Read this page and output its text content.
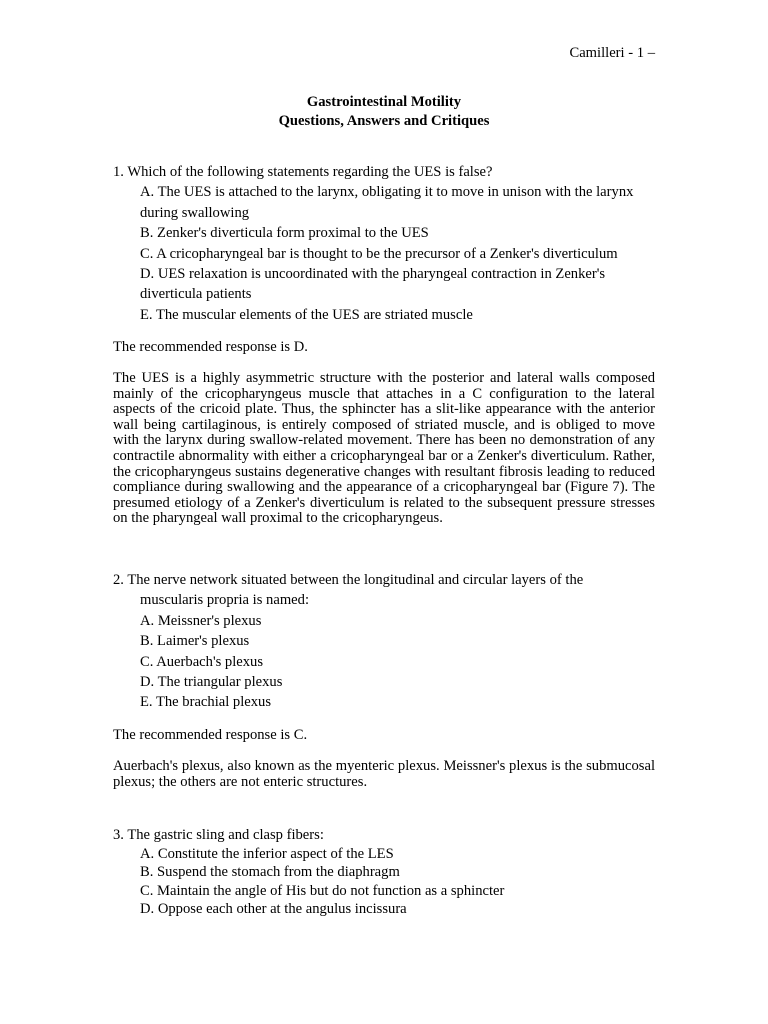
Camilleri - 1 –
Gastrointestinal Motility
Questions, Answers and Critiques

1. Which of the following statements regarding the UES is false?

A. The UES is attached to the larynx, obligating it to move in unison with the larynx during swallowing

B. Zenker's diverticula form proximal to the UES

C. A cricopharyngeal bar is thought to be the precursor of a Zenker's diverticulum

D. UES relaxation is uncoordinated with the pharyngeal contraction in Zenker's diverticula patients

E. The muscular elements of the UES are striated muscle

The recommended response is D.

The UES is a highly asymmetric structure with the posterior and lateral walls composed mainly of the cricopharyngeus muscle that attaches in a C configuration to the lateral aspects of the cricoid plate. Thus, the sphincter has a slit-like appearance with the anterior wall being cartilaginous, is entirely composed of striated muscle, and is obliged to move with the larynx during swallow-related movement. There has been no demonstration of any contractile abnormality with either a cricopharyngeal bar or a Zenker's diverticulum. Rather, the cricopharyngeus sustains degenerative changes with resultant fibrosis leading to reduced compliance during swallowing and the appearance of a cricopharyngeal bar (Figure 7). The presumed etiology of a Zenker's diverticulum is related to the subsequent pressure stresses on the pharyngeal wall proximal to the cricopharyngeus.

2. The nerve network situated between the longitudinal and circular layers of the

muscularis propria is named:

A. Meissner's plexus

B. Laimer's plexus

C. Auerbach's plexus

D. The triangular plexus

E. The brachial plexus

The recommended response is C.

Auerbach's plexus, also known as the myenteric plexus. Meissner's plexus is the submucosal plexus; the others are not enteric structures.

3. The gastric sling and clasp fibers:

A. Constitute the inferior aspect of the LES

B. Suspend the stomach from the diaphragm

C. Maintain the angle of His but do not function as a sphincter

D. Oppose each other at the angulus incissura
